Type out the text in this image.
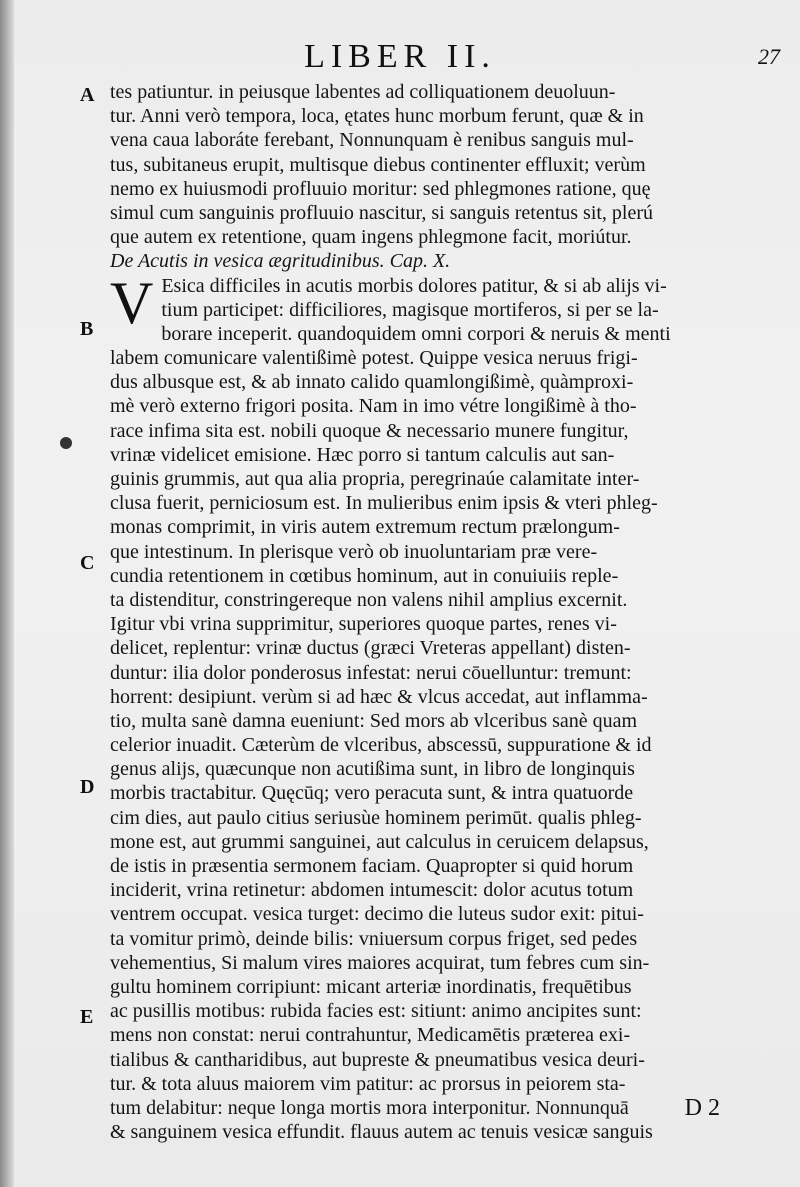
LIBER II.	27
A
B
C
D
E
tes patiuntur. in peiusque labentes ad colliquationem deuoluun-
tur. Anni verò tempora, loca, ętates hunc morbum ferunt, quæ & in
vena caua laboráte ferebant, Nonnunquam è renibus sanguis mul-
tus, subitaneus erupit, multisque diebus continenter effluxit; verùm
nemo ex huiusmodi profluuio moritur: sed phlegmones ratione, quę
simul cum sanguinis profluuio nascitur, si sanguis retentus sit, plerú
que autem ex retentione, quam ingens phlegmone facit, moriútur.
De Acutis in vesica ægritudinibus. Cap. X.
V Esica difficiles in acutis morbis dolores patitur, & si ab alijs vi-
tium participet: difficiliores, magisque mortiferos, si per se la-
borare inceperit. quandoquidem omni corpori & neruis & menti
labem comunicare valentißimè potest. Quippe vesica neruus frigi-
dus albusque est, & ab innato calido quamlongißimè, quàmproxi-
mè verò externo frigori posita. Nam in imo vétre longißimè à tho-
race infima sita est. nobili quoque & necessario munere fungitur,
vrinæ videlicet emisione. Hæc porro si tantum calculis aut san-
guinis grummis, aut qua alia propria, peregrinaúe calamitate inter-
clusa fuerit, perniciosum est. In mulieribus enim ipsis & vteri phleg-
monas comprimit, in viris autem extremum rectum prælongum-
que intestinum. In plerisque verò ob inuoluntariam præ vere-
cundia retentionem in cœtibus hominum, aut in conuiuiis reple-
ta distenditur, constringereque non valens nihil amplius excernit.
Igitur vbi vrina supprimitur, superiores quoque partes, renes vi-
delicet, replentur: vrinæ ductus (græci Vreteras appellant) disten-
duntur: ilia dolor ponderosus infestat: nerui cōuelluntur: tremunt:
horrent: desipiunt. verùm si ad hæc & vlcus accedat, aut inflamma-
tio, multa sanè damna eueniunt: Sed mors ab vlceribus sanè quam
celerior inuadit. Cæterùm de vlceribus, abscessū, suppuratione & id
genus alijs, quæcunque non acutißima sunt, in libro de longinquis
morbis tractabitur. Quęcūq; vero peracuta sunt, & intra quatuorde
cim dies, aut paulo citius seriusùe hominem perimūt. qualis phleg-
mone est, aut grummi sanguinei, aut calculus in ceruicem delapsus,
de istis in præsentia sermonem faciam. Quapropter si quid horum
inciderit, vrina retinetur: abdomen intumescit: dolor acutus totum
ventrem occupat. vesica turget: decimo die luteus sudor exit: pitui-
ta vomitur primò, deinde bilis: vniuersum corpus friget, sed pedes
vehementius, Si malum vires maiores acquirat, tum febres cum sin-
gultu hominem corripiunt: micant arteriæ inordinatis, frequētibus
ac pusillis motibus: rubida facies est: sitiunt: animo ancipites sunt:
mens non constat: nerui contrahuntur, Medicamētis præterea exi-
tialibus & cantharidibus, aut bupreste & pneumatibus vesica deuri-
tur. & tota aluus maiorem vim patitur: ac prorsus in peiorem sta-
tum delabitur: neque longa mortis mora interponitur. Nonnunquā
& sanguinem vesica effundit. flauus autem ac tenuis vesicæ sanguis
D 2
